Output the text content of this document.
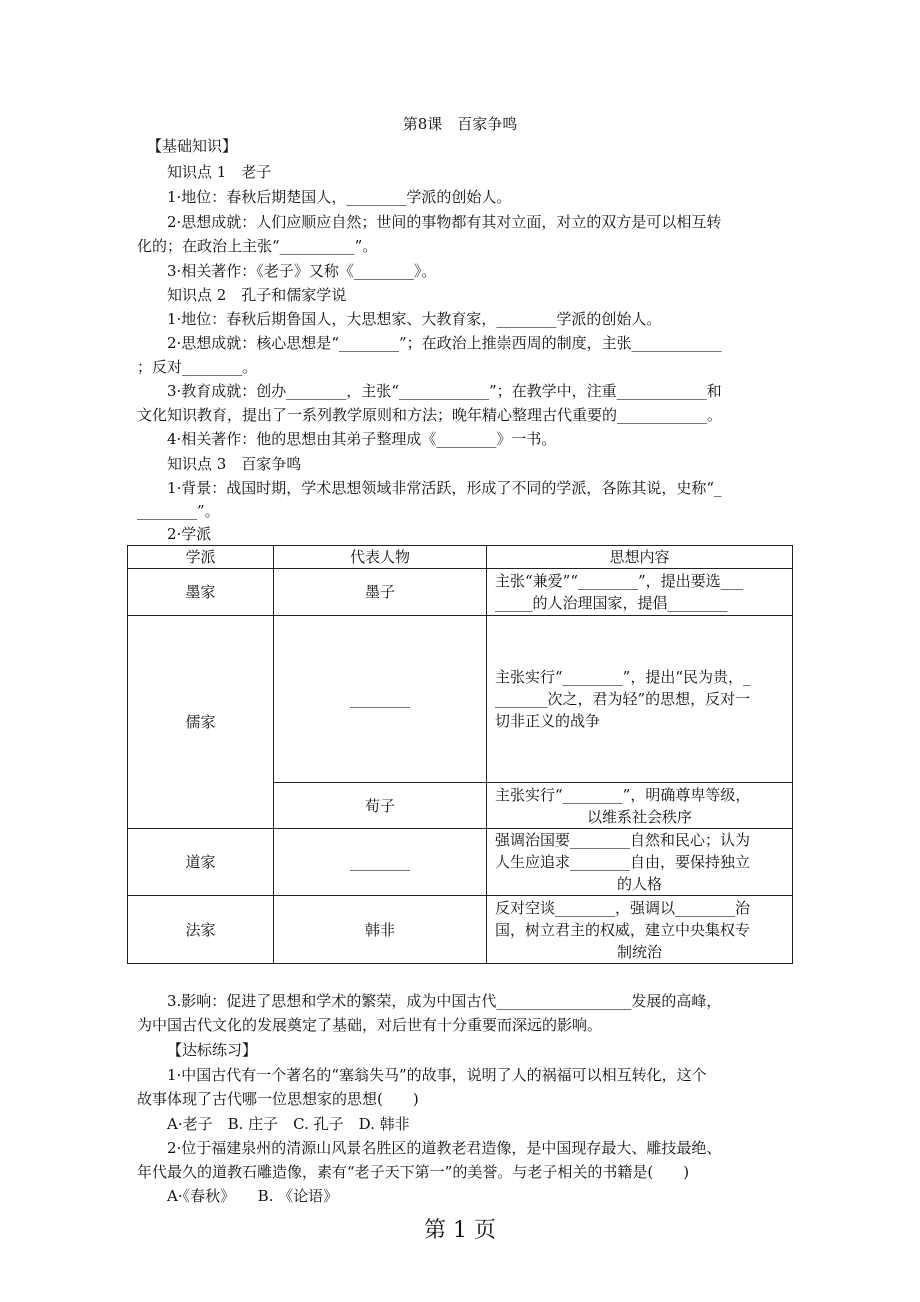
第8课　百家争鸣
【基础知识】
知识点 1　老子
1·地位：春秋后期楚国人，________学派的创始人。
2·思想成就：人们应顺应自然；世间的事物都有其对立面，对立的双方是可以相互转
化的；在政治上主张“__________”。
3·相关著作：《老子》又称《________》。
知识点 2　孔子和儒家学说
1·地位：春秋后期鲁国人，大思想家、大教育家，________学派的创始人。
2·思想成就：核心思想是“________”；在政治上推崇西周的制度，主张____________
；反对________。
3·教育成就：创办________，主张“____________”；在教学中，注重____________和
文化知识教育，提出了一系列教学原则和方法；晚年精心整理古代重要的____________。
4·相关著作：他的思想由其弟子整理成《________》一书。
知识点 3　百家争鸣
1·背景：战国时期，学术思想领域非常活跃，形成了不同的学派，各陈其说，史称“_
________”。
2·学派
学派	代表人物	思想内容
墨家	墨子	主张“兼爱”“________”，提出要选___
_____的人治理国家，提倡________

儒家	________	主张实行“________”，提出“民为贵，_
_______次之，君为轻”的思想，反对一
切非正义的战争

	荀子	主张实行“________”，明确尊卑等级，
以维系社会秩序

道家	________	强调治国要________自然和民心；认为
人生应追求________自由，要保持独立
的人格

法家	韩非	反对空谈________，强调以________治
国，树立君主的权威，建立中央集权专
制统治
3.影响：促进了思想和学术的繁荣，成为中国古代__________________发展的高峰，
为中国古代文化的发展奠定了基础，对后世有十分重要而深远的影响。
【达标练习】
1·中国古代有一个著名的“塞翁失马”的故事，说明了人的祸福可以相互转化，这个
故事体现了古代哪一位思想家的思想(　　)
A·老子　B. 庄子　C. 孔子　D. 韩非
2·位于福建泉州的清源山风景名胜区的道教老君造像，是中国现存最大、雕技最绝、
年代最久的道教石雕造像，素有“老子天下第一”的美誉。与老子相关的书籍是(　　)
A·《春秋》　　B. 《论语》
第 1 页
